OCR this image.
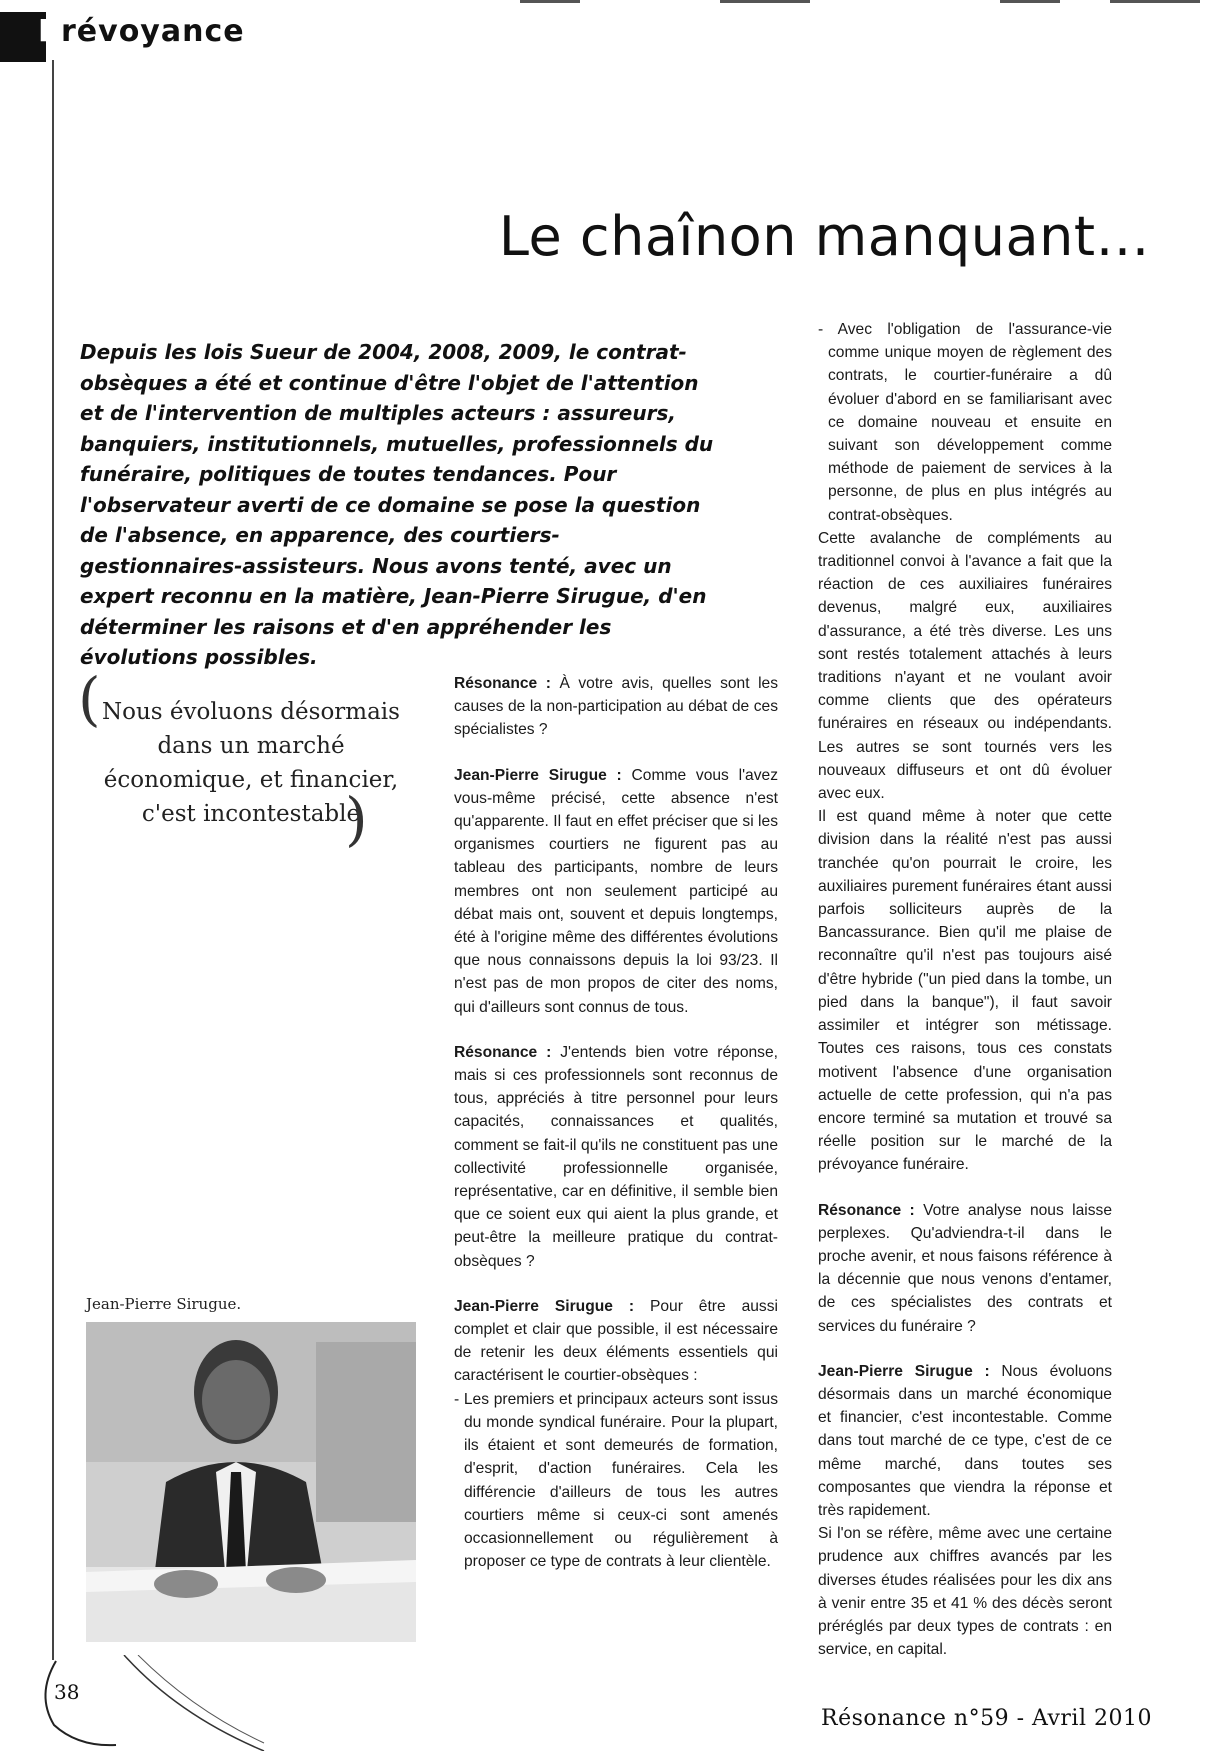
Prévoyance
Le chaînon manquant…
Depuis les lois Sueur de 2004, 2008, 2009, le contrat-obsèques a été et continue d'être l'objet de l'attention et de l'intervention de multiples acteurs : assureurs, banquiers, institutionnels, mutuelles, professionnels du funéraire, politiques de toutes tendances. Pour l'observateur averti de ce domaine se pose la question de l'absence, en apparence, des courtiers-gestionnaires-assisteurs. Nous avons tenté, avec un expert reconnu en la matière, Jean-Pierre Sirugue, d'en déterminer les raisons et d'en appréhender les évolutions possibles.
( Nous évoluons désormais dans un marché économique, et financier, c'est incontestable
)
Jean-Pierre Sirugue.

Résonance : À votre avis, quelles sont les causes de la non-participation au débat de ces spécialistes ?

Jean-Pierre Sirugue : Comme vous l'avez vous-même précisé, cette absence n'est qu'apparente. Il faut en effet préciser que si les organismes courtiers ne figurent pas au tableau des participants, nombre de leurs membres ont non seulement participé au débat mais ont, souvent et depuis longtemps, été à l'origine même des différentes évolutions que nous connaissons depuis la loi 93/23. Il n'est pas de mon propos de citer des noms, qui d'ailleurs sont connus de tous.

Résonance : J'entends bien votre réponse, mais si ces professionnels sont reconnus de tous, appréciés à titre personnel pour leurs capacités, connaissances et qualités, comment se fait-il qu'ils ne constituent pas une collectivité professionnelle organisée, représentative, car en définitive, il semble bien que ce soient eux qui aient la plus grande, et peut-être la meilleure pratique du contrat-obsèques ?

Jean-Pierre Sirugue : Pour être aussi complet et clair que possible, il est nécessaire de retenir les deux éléments essentiels qui caractérisent le courtier-obsèques :

- Les premiers et principaux acteurs sont issus du monde syndical funéraire. Pour la plupart, ils étaient et sont demeurés de formation, d'esprit, d'action funéraires. Cela les différencie d'ailleurs de tous les autres courtiers même si ceux-ci sont amenés occasionnellement ou régulièrement à proposer ce type de contrats à leur clientèle.

- Avec l'obligation de l'assurance-vie comme unique moyen de règlement des contrats, le courtier-funéraire a dû évoluer d'abord en se familiarisant avec ce domaine nouveau et ensuite en suivant son développement comme méthode de paiement de services à la personne, de plus en plus intégrés au contrat-obsèques.

Cette avalanche de compléments au traditionnel convoi à l'avance a fait que la réaction de ces auxiliaires funéraires devenus, malgré eux, auxiliaires d'assurance, a été très diverse. Les uns sont restés totalement attachés à leurs traditions n'ayant et ne voulant avoir comme clients que des opérateurs funéraires en réseaux ou indépendants. Les autres se sont tournés vers les nouveaux diffuseurs et ont dû évoluer avec eux.

Il est quand même à noter que cette division dans la réalité n'est pas aussi tranchée qu'on pourrait le croire, les auxiliaires purement funéraires étant aussi parfois solliciteurs auprès de la Bancassurance. Bien qu'il me plaise de reconnaître qu'il n'est pas toujours aisé d'être hybride ("un pied dans la tombe, un pied dans la banque"), il faut savoir assimiler et intégrer son métissage. Toutes ces raisons, tous ces constats motivent l'absence d'une organisation actuelle de cette profession, qui n'a pas encore terminé sa mutation et trouvé sa réelle position sur le marché de la prévoyance funéraire.

Résonance : Votre analyse nous laisse perplexes. Qu'adviendra-t-il dans le proche avenir, et nous faisons référence à la décennie que nous venons d'entamer, de ces spécialistes des contrats et services du funéraire ?

Jean-Pierre Sirugue : Nous évoluons désormais dans un marché économique et financier, c'est incontestable. Comme dans tout marché de ce type, c'est de ce même marché, dans toutes ses composantes que viendra la réponse et très rapidement.

Si l'on se réfère, même avec une certaine prudence aux chiffres avancés par les diverses études réalisées pour les dix ans à venir entre 35 et 41 % des décès seront préréglés par deux types de contrats : en service, en capital.

38
Résonance n°59 - Avril 2010
